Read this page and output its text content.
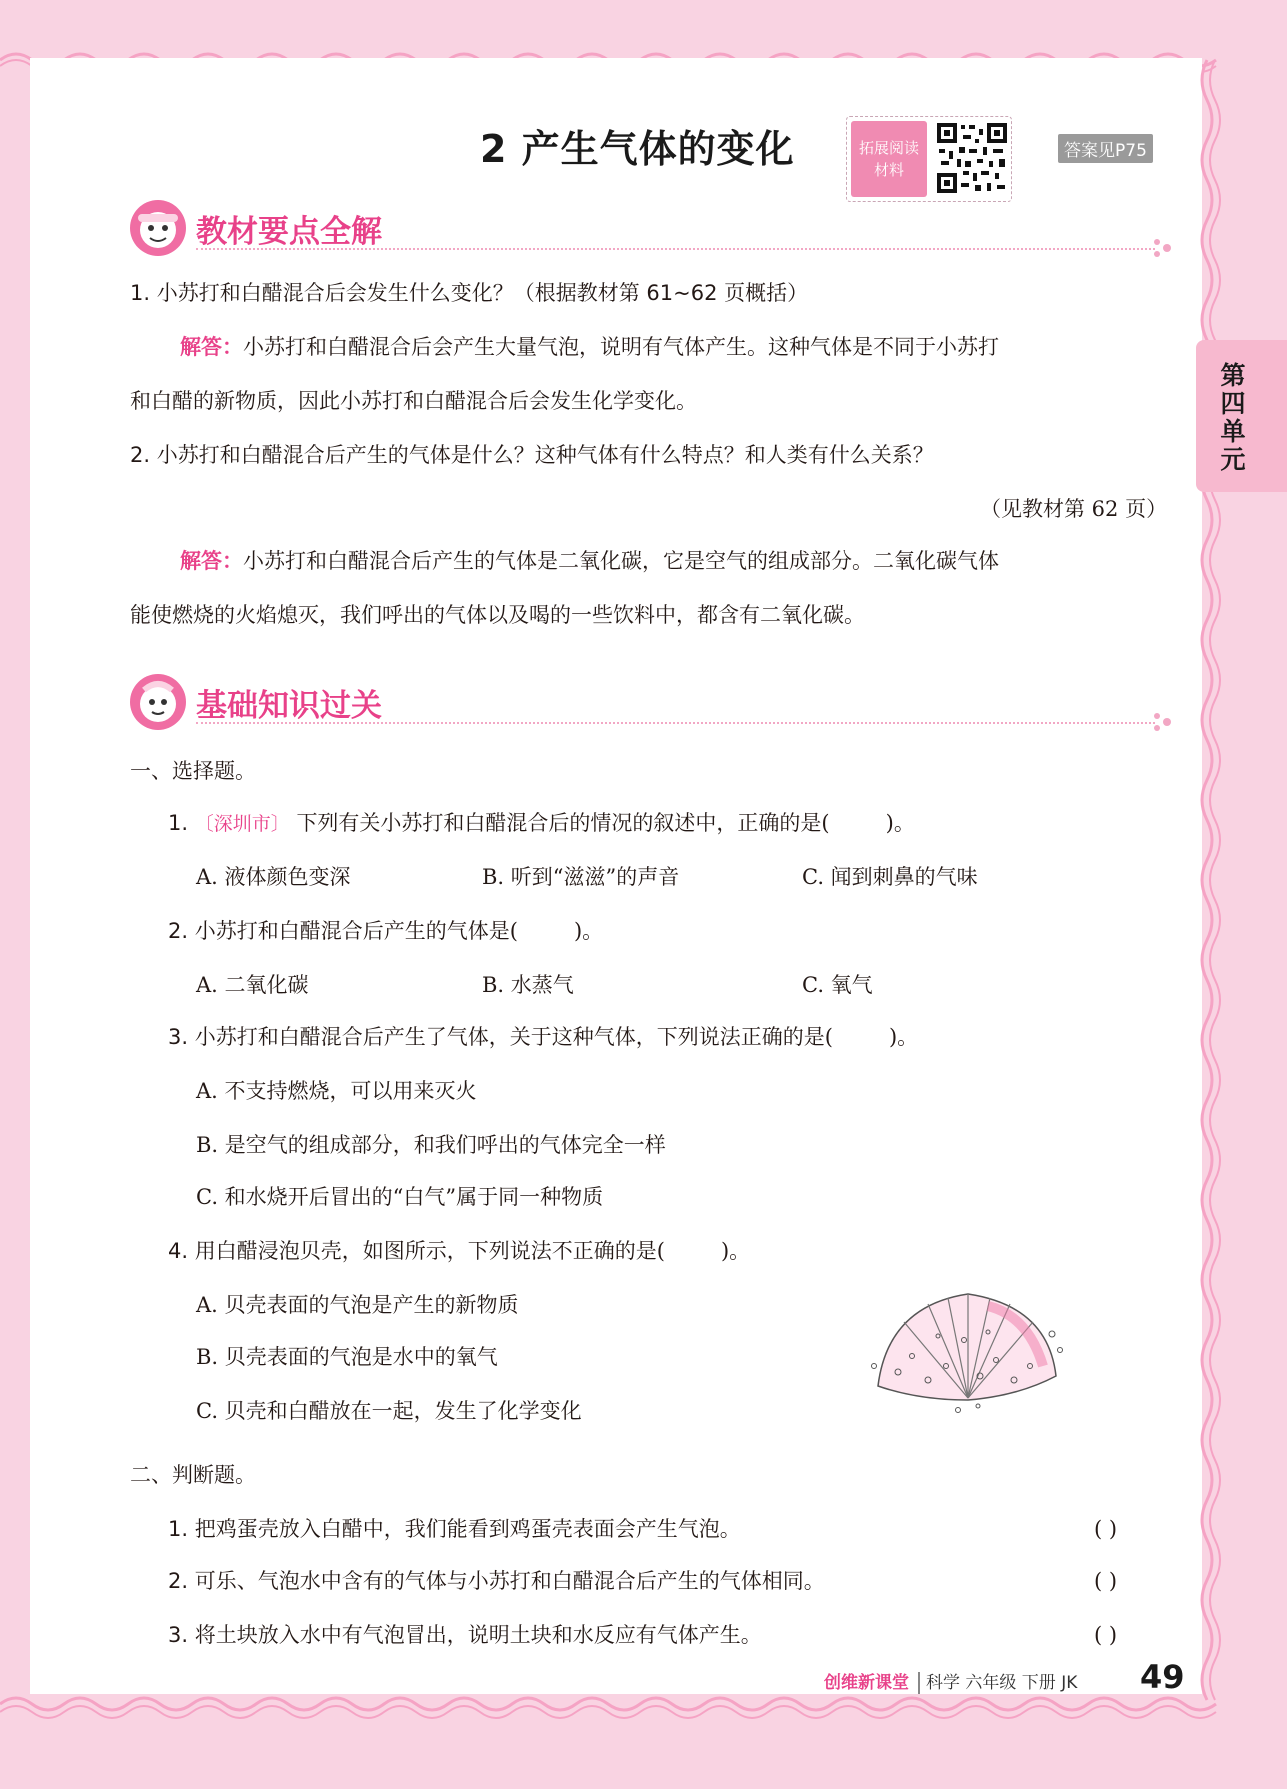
2 产生气体的变化	拓展阅读
材料
答案见P75
第四单元
教材要点全解
1. 小苏打和白醋混合后会发生什么变化？（根据教材第 61~62 页概括）
解答：小苏打和白醋混合后会产生大量气泡，说明有气体产生。这种气体是不同于小苏打
和白醋的新物质，因此小苏打和白醋混合后会发生化学变化。
2. 小苏打和白醋混合后产生的气体是什么？这种气体有什么特点？和人类有什么关系？
（见教材第 62 页）
解答：小苏打和白醋混合后产生的气体是二氧化碳，它是空气的组成部分。二氧化碳气体
能使燃烧的火焰熄灭，我们呼出的气体以及喝的一些饮料中，都含有二氧化碳。
基础知识过关
一、选择题。
1. 〔深圳市〕 下列有关小苏打和白醋混合后的情况的叙述中，正确的是(	)。
A. 液体颜色变深	B. 听到“滋滋”的声音	C. 闻到刺鼻的气味
2. 小苏打和白醋混合后产生的气体是(	)。
A. 二氧化碳	B. 水蒸气	C. 氧气
3. 小苏打和白醋混合后产生了气体，关于这种气体，下列说法正确的是(	)。
A. 不支持燃烧，可以用来灭火
B. 是空气的组成部分，和我们呼出的气体完全一样
C. 和水烧开后冒出的“白气”属于同一种物质
4. 用白醋浸泡贝壳，如图所示，下列说法不正确的是(	)。
A. 贝壳表面的气泡是产生的新物质
B. 贝壳表面的气泡是水中的氧气
C. 贝壳和白醋放在一起，发生了化学变化
二、判断题。
1. 把鸡蛋壳放入白醋中，我们能看到鸡蛋壳表面会产生气泡。	( )
2. 可乐、气泡水中含有的气体与小苏打和白醋混合后产生的气体相同。	( )
3. 将土块放入水中有气泡冒出，说明土块和水反应有气体产生。	( )
创维新课堂 科学 六年级 下册 JK 49
